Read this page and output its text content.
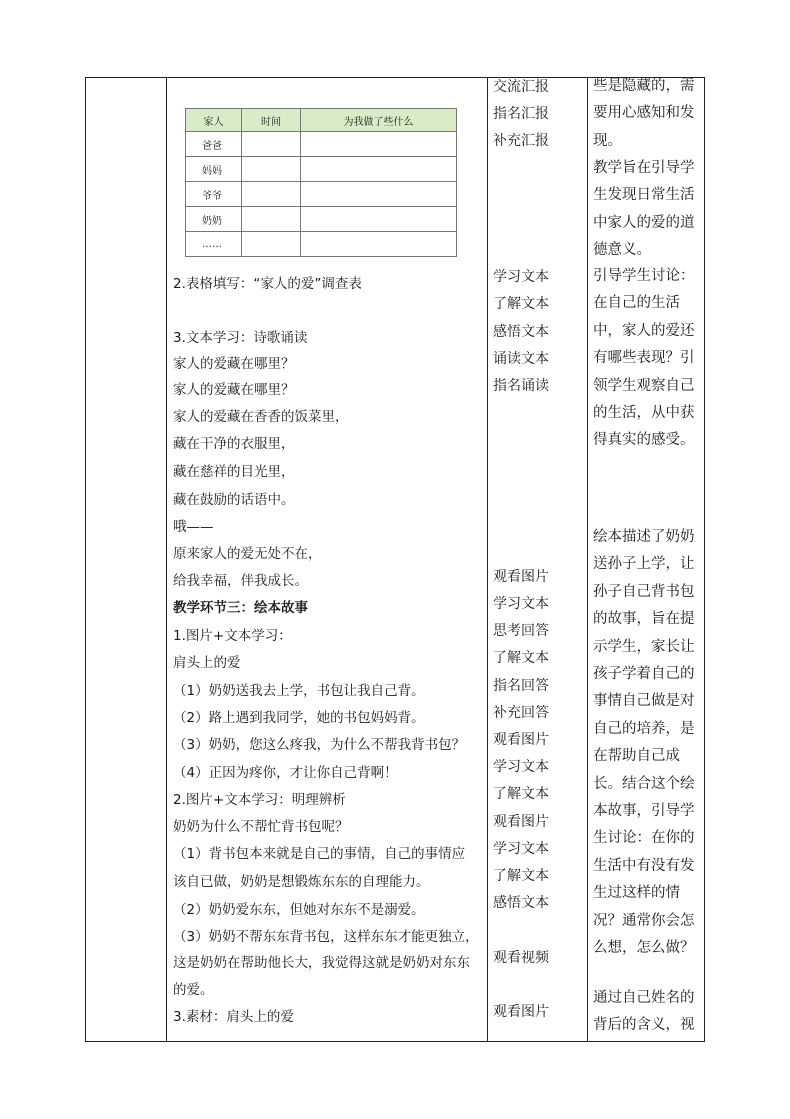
家人	时间	为我做了些什么
爸爸		
妈妈		
爷爷		
奶奶		
……		
2.表格填写：“家人的爱”调查表
3.文本学习：诗歌诵读
家人的爱藏在哪里？
家人的爱藏在哪里？
家人的爱藏在香香的饭菜里，
藏在干净的衣服里，
藏在慈祥的目光里，
藏在鼓励的话语中。
哦——
原来家人的爱无处不在，
给我幸福，伴我成长。
教学环节三：绘本故事
1.图片+文本学习：
肩头上的爱
（1）奶奶送我去上学，书包让我自己背。
（2）路上遇到我同学，她的书包妈妈背。
（3）奶奶，您这么疼我，为什么不帮我背书包？
（4）正因为疼你，才让你自己背啊！
2.图片+文本学习：明理辨析
奶奶为什么不帮忙背书包呢？
（1）背书包本来就是自己的事情，自己的事情应
该自已做，奶奶是想锻炼东东的自理能力。
（2）奶奶爱东东，但她对东东不是溺爱。
（3）奶奶不帮东东背书包，这样东东才能更独立，
这是奶奶在帮助他长大，我觉得这就是奶奶对东东
的爱。
3.素材：肩头上的爱
交流汇报
指名汇报
补充汇报
学习文本
了解文本
感悟文本
诵读文本
指名诵读
观看图片
学习文本
思考回答
了解文本
指名回答
补充回答
观看图片
学习文本
了解文本
观看图片
学习文本
了解文本
感悟文本
观看视频
观看图片
些是隐藏的，需要用心感知和发现。
教学旨在引导学生发现日常生活中家人的爱的道德意义。
引导学生讨论：在自己的生活中，家人的爱还有哪些表现？引领学生观察自己的生活，从中获得真实的感受。
绘本描述了奶奶送孙子上学，让孙子自己背书包的故事，旨在提示学生，家长让孩子学着自己的事情自己做是对自己的培养，是在帮助自己成长。结合这个绘本故事，引导学生讨论：在你的生活中有没有发生过这样的情况？通常你会怎么想，怎么做？
通过自己姓名的背后的含义，视
